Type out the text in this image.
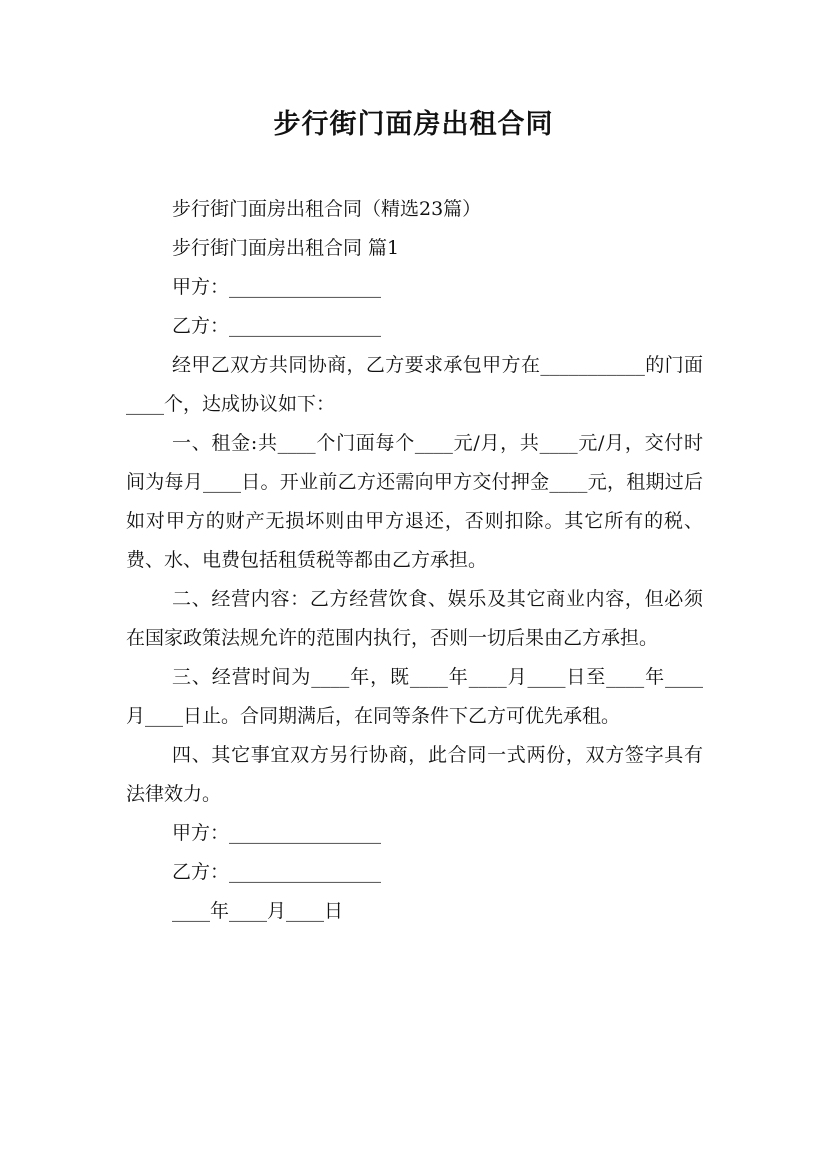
步行街门面房出租合同

步行街门面房出租合同（精选23篇）

步行街门面房出租合同 篇1

甲方：________________

乙方：________________

经甲乙双方共同协商，乙方要求承包甲方在___________的门面____个，达成协议如下：

一、租金:共____个门面每个____元/月，共____元/月，交付时间为每月____日。开业前乙方还需向甲方交付押金____元，租期过后如对甲方的财产无损坏则由甲方退还，否则扣除。其它所有的税、费、水、电费包括租赁税等都由乙方承担。

二、经营内容：乙方经营饮食、娱乐及其它商业内容，但必须在国家政策法规允许的范围内执行，否则一切后果由乙方承担。

三、经营时间为____年，既____年____月____日至____年____月____日止。合同期满后，在同等条件下乙方可优先承租。

四、其它事宜双方另行协商，此合同一式两份，双方签字具有法律效力。

甲方：________________

乙方：________________

____年____月____日
